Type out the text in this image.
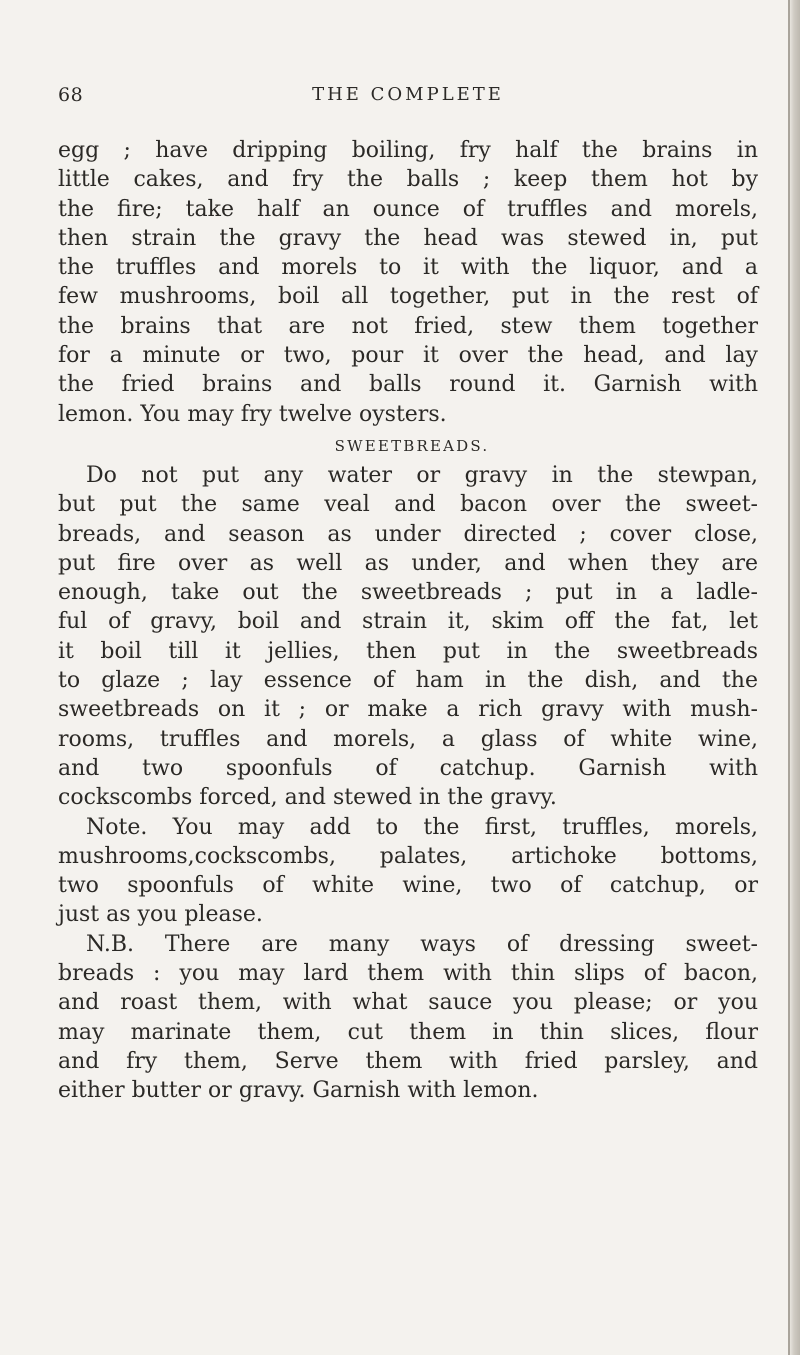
68	THE COMPLETE
egg ; have dripping boiling, fry half the brains in
little cakes, and fry the balls ; keep them hot by
the fire; take half an ounce of truffles and morels,
then strain the gravy the head was stewed in, put
the truffles and morels to it with the liquor, and a
few mushrooms, boil all together, put in the rest of
the brains that are not fried, stew them together
for a minute or two, pour it over the head, and lay
the fried brains and balls round it. Garnish with
lemon. You may fry twelve oysters.
SWEETBREADS.
Do not put any water or gravy in the stewpan,
but put the same veal and bacon over the sweet-
breads, and season as under directed ; cover close,
put fire over as well as under, and when they are
enough, take out the sweetbreads ; put in a ladle-
ful of gravy, boil and strain it, skim off the fat, let
it boil till it jellies, then put in the sweetbreads
to glaze ; lay essence of ham in the dish, and the
sweetbreads on it ; or make a rich gravy with mush-
rooms, truffles and morels, a glass of white wine,
and two spoonfuls of catchup. Garnish with
cockscombs forced, and stewed in the gravy.
Note. You may add to the first, truffles, morels,
mushrooms,cockscombs, palates, artichoke bottoms,
two spoonfuls of white wine, two of catchup, or
just as you please.
N.B. There are many ways of dressing sweet-
breads : you may lard them with thin slips of bacon,
and roast them, with what sauce you please; or you
may marinate them, cut them in thin slices, flour
and fry them, Serve them with fried parsley, and
either butter or gravy. Garnish with lemon.
